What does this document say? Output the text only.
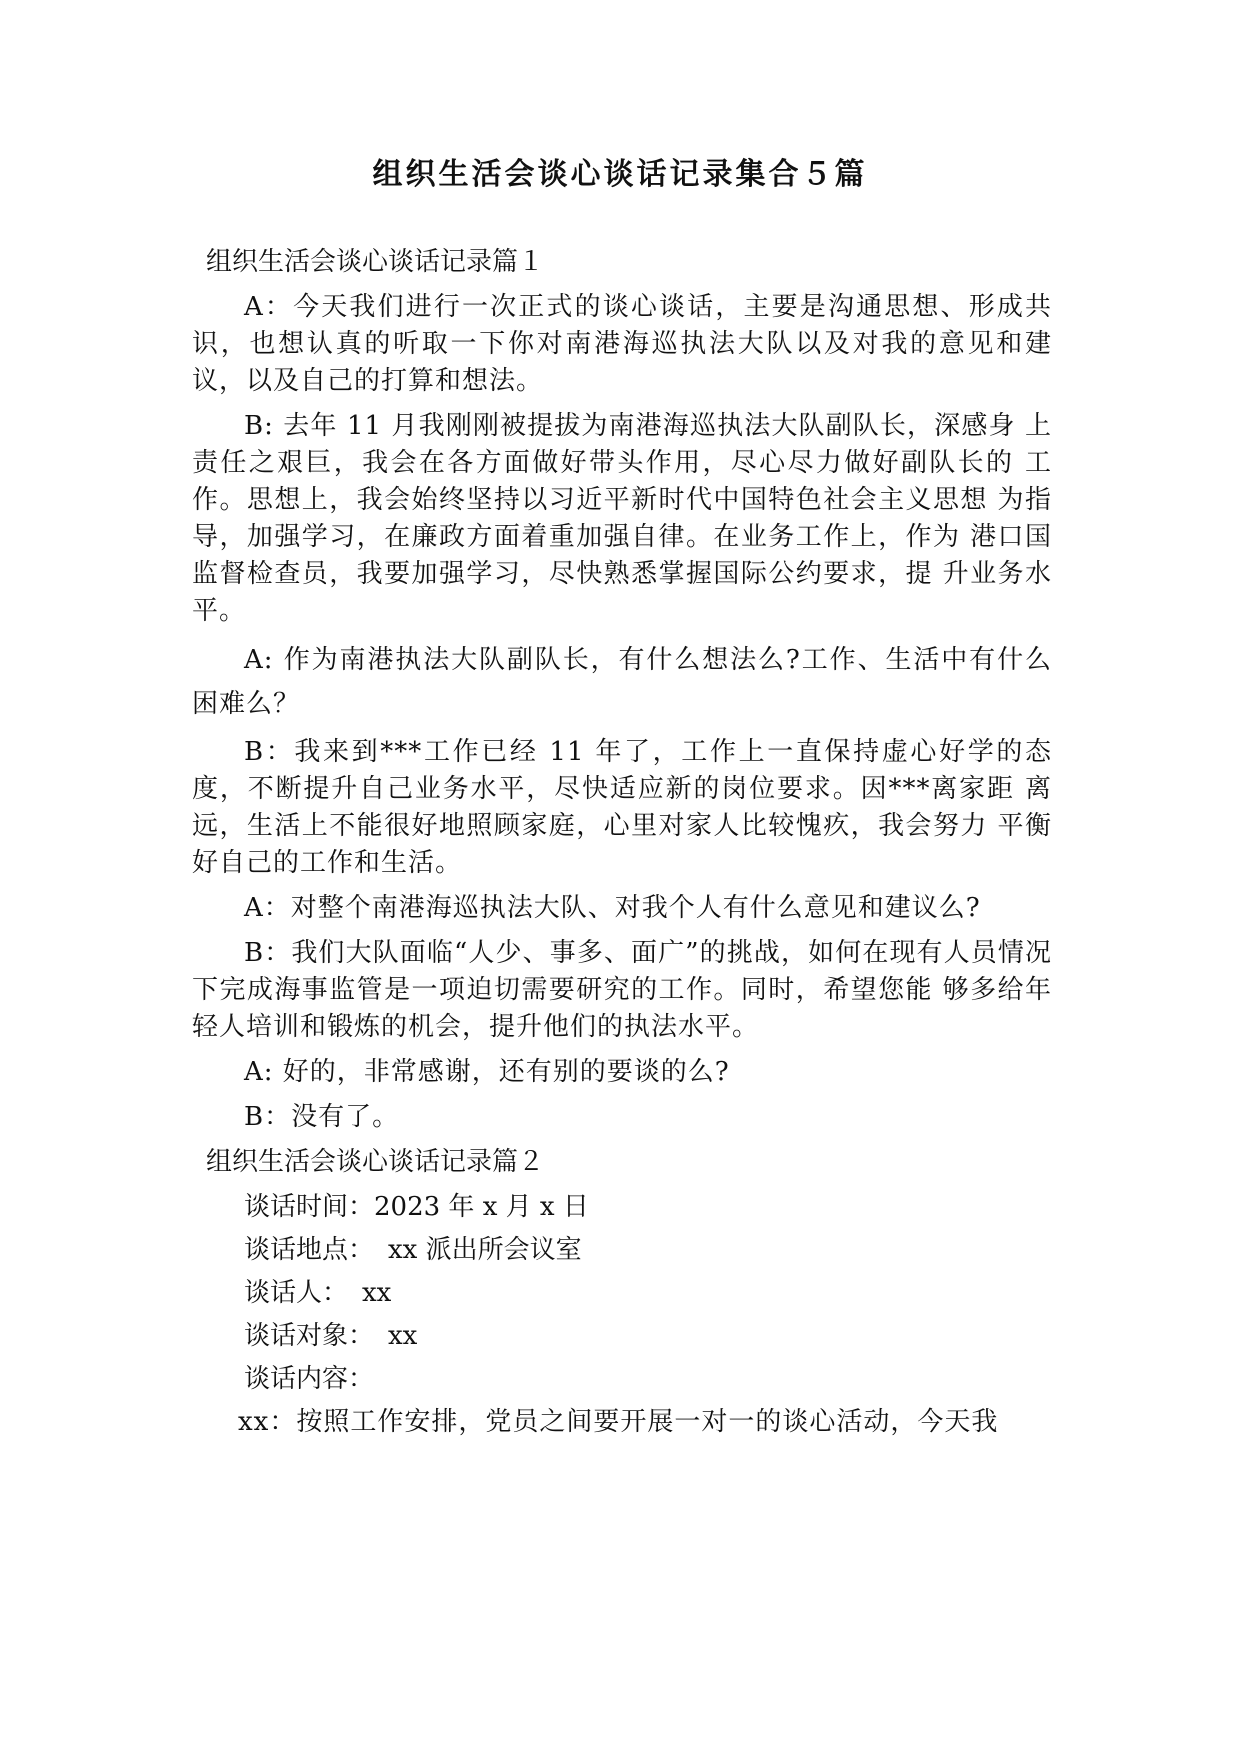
组织生活会谈心谈话记录集合５篇
组织生活会谈心谈话记录篇１

A：今天我们进行一次正式的谈心谈话，主要是沟通思想、形成共识，也想认真的听取一下你对南港海巡执法大队以及对我的意见和建议，以及自己的打算和想法。

B: 去年 11 月我刚刚被提拔为南港海巡执法大队副队长，深感身 上责任之艰巨，我会在各方面做好带头作用，尽心尽力做好副队长的 工作。思想上，我会始终坚持以习近平新时代中国特色社会主义思想 为指导，加强学习，在廉政方面着重加强自律。在业务工作上，作为 港口国监督检查员，我要加强学习，尽快熟悉掌握国际公约要求，提 升业务水平。

A: 作为南港执法大队副队长，有什么想法么?工作、生活中有什么困难么？

B：我来到***工作已经 11 年了，工作上一直保持虚心好学的态 度，不断提升自己业务水平，尽快适应新的岗位要求。因***离家距 离远，生活上不能很好地照顾家庭，心里对家人比较愧疚，我会努力 平衡好自己的工作和生活。

A：对整个南港海巡执法大队、对我个人有什么意见和建议么?

B：我们大队面临“人少、事多、面广”的挑战，如何在现有人员情况下完成海事监管是一项迫切需要研究的工作。同时，希望您能 够多给年轻人培训和锻炼的机会，提升他们的执法水平。

A: 好的，非常感谢，还有别的要谈的么?

B：没有了。

组织生活会谈心谈话记录篇２
谈话时间：2023 年 x 月 x 日
谈话地点： xx 派出所会议室
谈话人： xx
谈话对象： xx
谈话内容：

xx：按照工作安排，党员之间要开展一对一的谈心活动，今天我
